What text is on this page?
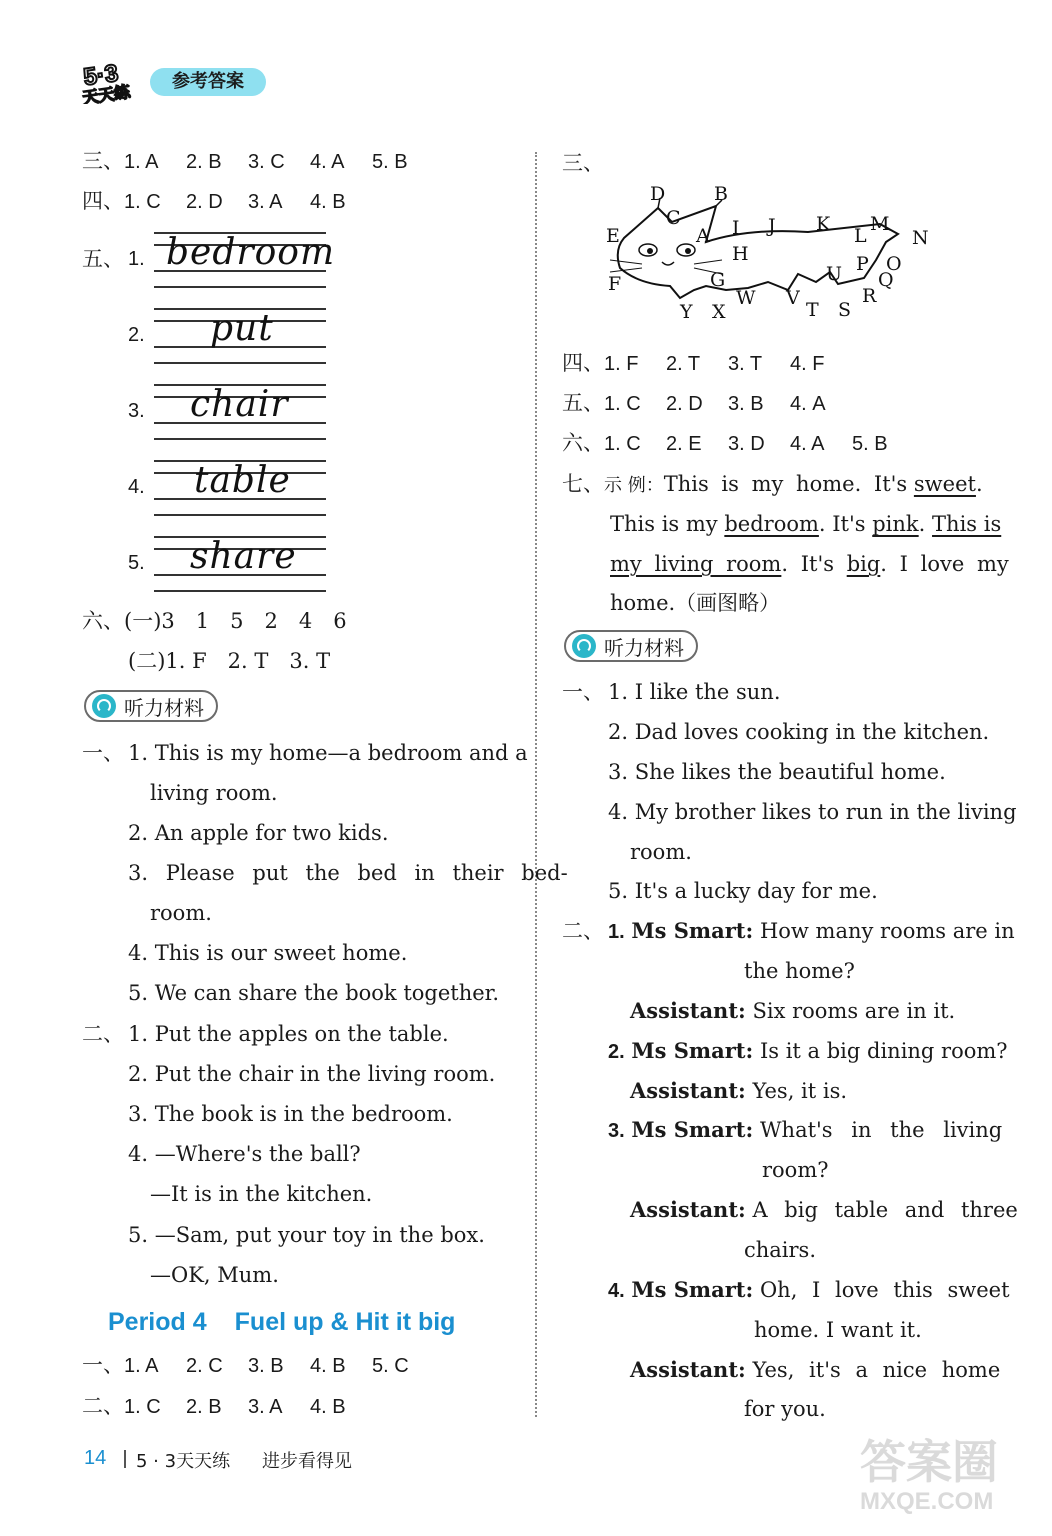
5·3
天天练
参考答案
三、1. A 2. B 3. C 4. A 5. B
四、1. C 2. D 3. A 4. B
五、 1. bedroom
2. put
3. chair
4. table
5. share
六、(一)3　1　5　2　4　6
(二)1. F　2. T　3. T
听力材料
一、 1. This is my home—a bedroom and a
living room.
2. An apple for two kids.
3. Please put the bed in their bed-
room.
4. This is our sweet home.
5. We can share the book together.
二、 1. Put the apples on the table.
2. Put the chair in the living room.
3. The book is in the bedroom.
4. —Where's the ball?
—It is in the kitchen.
5. —Sam, put your toy in the box.
—OK, Mum.
Period 4 Fuel up & Hit it big
一、1. A 2. C 3. B 4. B 5. C
二、1. C 2. B 3. A 4. B
三、
D	B
C
E	A I J K
L
M
N
H	O
P
Q
U
R
F	G
W V
T S
Y X
四、1. F 2. T 3. T 4. F
五、1. C 2. D 3. B 4. A
六、1. C 2. E 3. D 4. A 5. B
七、示 例：This is my home. It's sweet.
This is my bedroom. It's pink. This is
my living room. It's big. I love my
home.（画图略）
听力材料
一、 1. I like the sun.
2. Dad loves cooking in the kitchen.
3. She likes the beautiful home.
4. My brother likes to run in the living
room.
5. It's a lucky day for me.
二、 1. Ms Smart: How many rooms are in
the home?
Assistant: Six rooms are in it.
2. Ms Smart: Is it a big dining room?
Assistant: Yes, it is.
3. Ms Smart: What's in the living
room?
Assistant: A big table and three
chairs.
4. Ms Smart: Oh, I love this sweet
home. I want it.
Assistant: Yes, it's a nice home
for you.
14 5 · 3天天练 进步看得见	答案圈
MXQE.COM
